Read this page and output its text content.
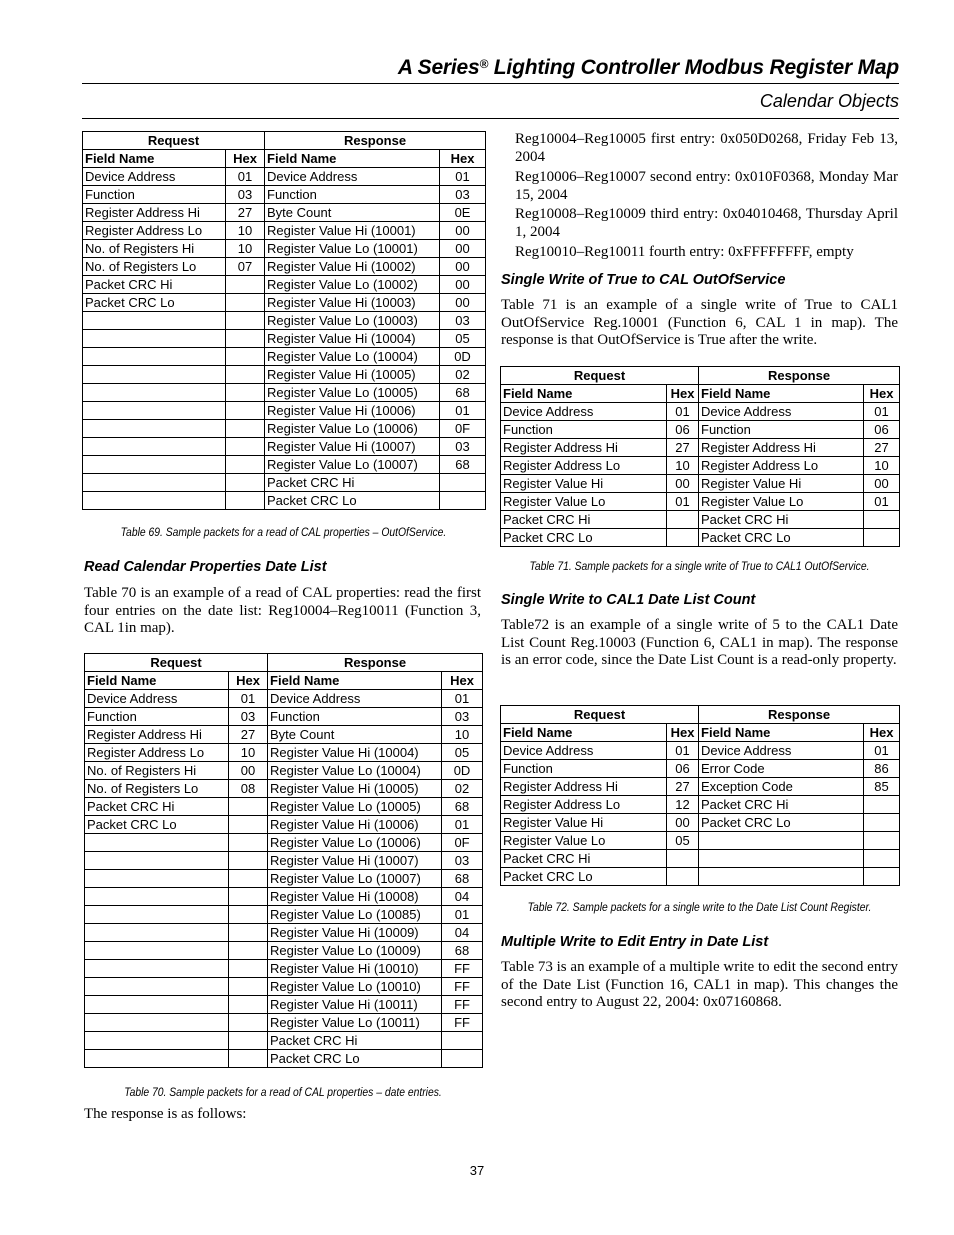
A Series® Lighting Controller Modbus Register Map
Calendar Objects
Request		Response	
Field Name	Hex	Field Name	Hex
Device Address	01	Device Address	01
Function	03	Function	03
Register Address Hi	27	Byte Count	0E
Register Address Lo	10	Register Value Hi (10001)	00
No. of Registers Hi	10	Register Value Lo (10001)	00
No. of Registers Lo	07	Register Value Hi (10002)	00
Packet CRC Hi		Register Value Lo (10002)	00
Packet CRC Lo		Register Value Hi (10003)	00
		Register Value Lo (10003)	03
		Register Value Hi (10004)	05
		Register Value Lo (10004)	0D
		Register Value Hi (10005)	02
		Register Value Lo (10005)	68
		Register Value Hi (10006)	01
		Register Value Lo (10006)	0F
		Register Value Hi (10007)	03
		Register Value Lo (10007)	68
		Packet CRC Hi	
		Packet CRC Lo	
Table 69. Sample packets for a read of CAL properties – OutOfService.
Read Calendar Properties Date List
Table 70 is an example of a read of CAL properties: read the first four entries on the date list: Reg10004–Reg10011 (Function 3, CAL 1in map).
Request		Response	
Field Name	Hex	Field Name	Hex
Device Address	01	Device Address	01
Function	03	Function	03
Register Address Hi	27	Byte Count	10
Register Address Lo	10	Register Value Hi (10004)	05
No. of Registers Hi	00	Register Value Lo (10004)	0D
No. of Registers Lo	08	Register Value Hi (10005)	02
Packet CRC Hi		Register Value Lo (10005)	68
Packet CRC Lo		Register Value Hi (10006)	01
		Register Value Lo (10006)	0F
		Register Value Hi (10007)	03
		Register Value Lo (10007)	68
		Register Value Hi (10008)	04
		Register Value Lo (10085)	01
		Register Value Hi (10009)	04
		Register Value Lo (10009)	68
		Register Value Hi (10010)	FF
		Register Value Lo (10010)	FF
		Register Value Hi (10011)	FF
		Register Value Lo (10011)	FF
		Packet CRC Hi	
		Packet CRC Lo	
Table 70. Sample packets for a read of CAL properties – date entries.
The response is as follows:
Reg10004–Reg10005 first entry: 0x050D0268, Friday Feb 13, 2004
Reg10006–Reg10007 second entry: 0x010F0368, Monday Mar 15, 2004
Reg10008–Reg10009 third entry: 0x04010468, Thursday April 1, 2004
Reg10010–Reg10011 fourth entry: 0xFFFFFFFF, empty
Single Write of True to CAL OutOfService
Table 71 is an example of a single write of True to CAL1 OutOfService Reg.10001 (Function 6, CAL 1 in map). The response is that OutOfService is True after the write.
Request		Response	
Field Name	Hex	Field Name	Hex
Device Address	01	Device Address	01
Function	06	Function	06
Register Address Hi	27	Register Address Hi	27
Register Address Lo	10	Register Address Lo	10
Register Value Hi	00	Register Value Hi	00
Register Value Lo	01	Register Value Lo	01
Packet CRC Hi		Packet CRC Hi	
Packet CRC Lo		Packet CRC Lo	
Table 71. Sample packets for a single write of True to CAL1 OutOfService.
Single Write to CAL1 Date List Count
Table72 is an example of a single write of 5 to the CAL1 Date List Count Reg.10003 (Function 6, CAL1 in map). The response is an error code, since the Date List Count is a read-only property.
Request		Response	
Field Name	Hex	Field Name	Hex
Device Address	01	Device Address	01
Function	06	Error Code	86
Register Address Hi	27	Exception Code	85
Register Address Lo	12	Packet CRC Hi	
Register Value Hi	00	Packet CRC Lo	
Register Value Lo	05		
Packet CRC Hi			
Packet CRC Lo			
Table 72. Sample packets for a single write to the Date List Count Register.
Multiple Write to Edit Entry in Date List
Table 73 is an example of a multiple write to edit the second entry of the Date List (Function 16, CAL1 in map). This changes the second entry to August 22, 2004: 0x07160868.
37
